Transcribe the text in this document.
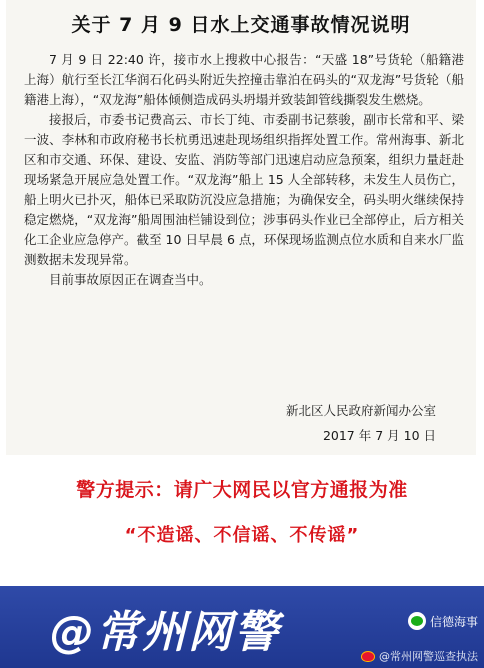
关于 7 月 9 日水上交通事故情况说明

7 月 9 日 22:40 许，接市水上搜救中心报告：“天盛 18”号货轮（船籍港上海）航行至长江华润石化码头附近失控撞击靠泊在码头的“双龙海”号货轮（船籍港上海），“双龙海”船体倾侧造成码头坍塌并致装卸管线撕裂发生燃烧。

接报后，市委书记费高云、市长丁纯、市委副书记蔡骏，副市长常和平、梁一波、李林和市政府秘书长杭勇迅速赴现场组织指挥处置工作。常州海事、新北区和市交通、环保、建设、安监、消防等部门迅速启动应急预案，组织力量赶赴现场紧急开展应急处置工作。“双龙海”船上 15 人全部转移，未发生人员伤亡，船上明火已扑灭，船体已采取防沉没应急措施；为确保安全，码头明火继续保持稳定燃烧，“双龙海”船周围油栏铺设到位；涉事码头作业已全部停止，后方相关化工企业应急停产。截至 10 日早晨 6 点，环保现场监测点位水质和自来水厂监测数据未发现异常。

目前事故原因正在调查当中。

新北区人民政府新闻办公室
2017 年 7 月 10 日
警方提示：请广大网民以官方通报为准
“不造谣、不信谣、不传谣”
@常州网警	信德海事
@常州网警巡查执法
